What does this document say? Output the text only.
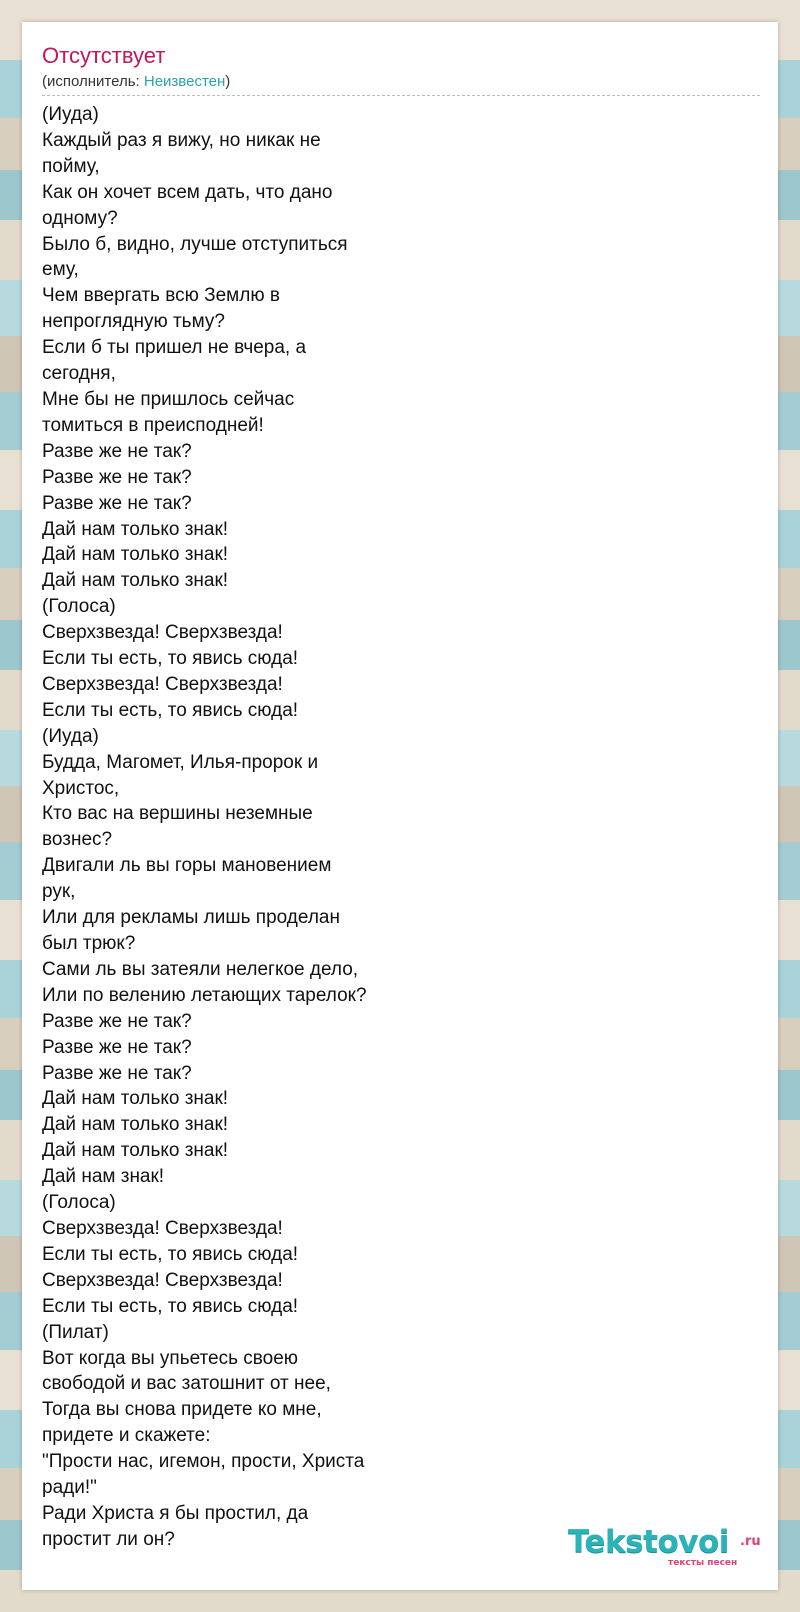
Отсутствует
(исполнитель: Неизвестен)
(Иуда)
Каждый раз я вижу, но никак не
пойму,
Как он хочет всем дать, что дано
одному?
Было б, видно, лучше отступиться
ему,
Чем ввергать всю Землю в
непроглядную тьму?
Если б ты пришел не вчера, а
сегодня,
Мне бы не пришлось сейчас
томиться в преисподней!
Разве же не так?
Разве же не так?
Разве же не так?
Дай нам только знак!
Дай нам только знак!
Дай нам только знак!
(Голоса)
Сверхзвезда! Сверхзвезда!
Если ты есть, то явись сюда!
Сверхзвезда! Сверхзвезда!
Если ты есть, то явись сюда!
(Иуда)
Будда, Магомет, Илья-пророк и
Христос,
Кто вас на вершины неземные
вознес?
Двигали ль вы горы мановением
рук,
Или для рекламы лишь проделан
был трюк?
Сами ль вы затеяли нелегкое дело,
Или по велению летающих тарелок?
Разве же не так?
Разве же не так?
Разве же не так?
Дай нам только знак!
Дай нам только знак!
Дай нам только знак!
Дай нам знак!
(Голоса)
Сверхзвезда! Сверхзвезда!
Если ты есть, то явись сюда!
Сверхзвезда! Сверхзвезда!
Если ты есть, то явись сюда!
(Пилат)
Вот когда вы упьетесь своею
свободой и вас затошнит от нее,
Тогда вы снова придете ко мне,
придете и скажете:
"Прости нас, игемон, прости, Христа
ради!"
Ради Христа я бы простил, да
простит ли он?	Tekstovoi .ru
тексты песен
